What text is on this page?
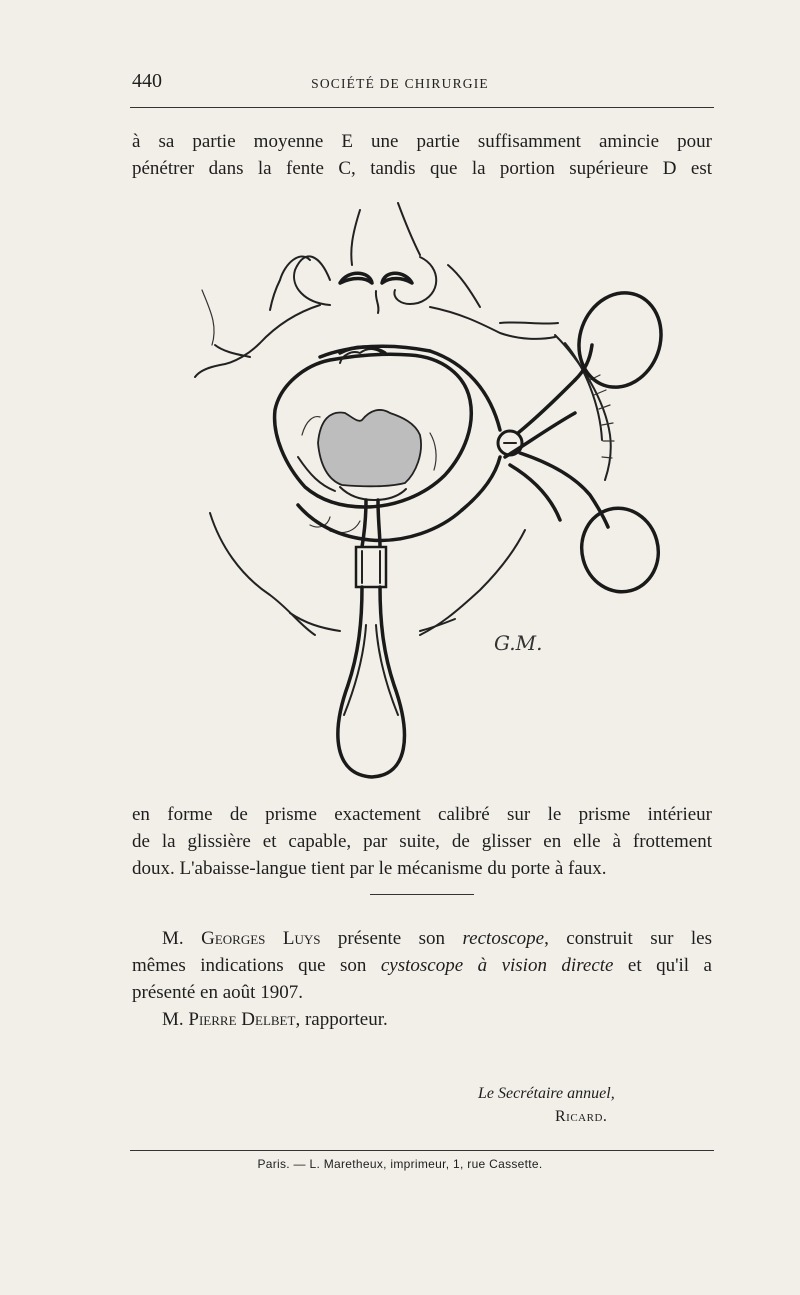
440	SOCIÉTÉ DE CHIRURGIE
à sa partie moyenne E une partie suffisamment amincie pour
pénétrer dans la fente C, tandis que la portion supérieure D est
G.M.
en forme de prisme exactement calibré sur le prisme intérieur
de la glissière et capable, par suite, de glisser en elle à frottement
doux. L'abaisse-langue tient par le mécanisme du porte à faux.
M. Georges Luys présente son rectoscope, construit sur les
mêmes indications que son cystoscope à vision directe et qu'il a
présenté en août 1907.
M. Pierre Delbet, rapporteur.
Le Secrétaire annuel,
Ricard.
Paris. — L. Maretheux, imprimeur, 1, rue Cassette.
